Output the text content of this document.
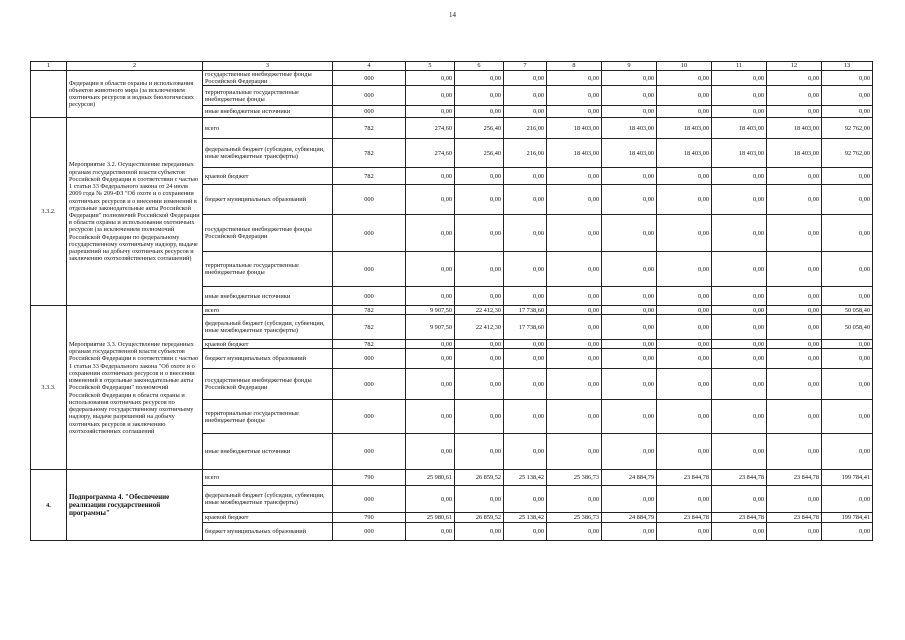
14
1	2	3	4	5	6	7	8	9	10	11	12	13
	Федерации в области охраны и использования объектов животного мира (за исключением охотничьих ресурсов и водных биологических ресурсов)	государственные внебюджетные фонды Российской Федерации	000	0,00	0,00	0,00	0,00	0,00	0,00	0,00	0,00	0,00
		территориальные государственные внебюджетные фонды	000	0,00	0,00	0,00	0,00	0,00	0,00	0,00	0,00	0,00
		иные внебюджетные источники	000	0,00	0,00	0,00	0,00	0,00	0,00	0,00	0,00	0,00
3.3.2.	Мероприятие 3.2. Осуществление переданных органам государственной власти субъектов Российской Федерации в соответствии с частью 1 статьи 33 Федерального закона от 24 июля 2009 года № 209-ФЗ "Об охоте и о сохранении охотничьих ресурсов и о внесении изменений в отдельные законодательные акты Российской Федерации" полномочий Российской Федерации в области охраны и использования охотничьих ресурсов (за исключением полномочий Российской Федерации по федеральному государственному охотничьему надзору, выдаче разрешений на добычу охотничьих ресурсов и заключению охотхозяйственных соглашений)	всего	782	274,60	256,40	216,00	18 403,00	18 403,00	18 403,00	18 403,00	18 403,00	92 762,00
		федеральный бюджет (субсидии, субвенции, иные межбюджетные трансферты)	782	274,60	256,40	216,00	18 403,00	18 403,00	18 403,00	18 403,00	18 403,00	92 762,00
		краевой бюджет	782	0,00	0,00	0,00	0,00	0,00	0,00	0,00	0,00	0,00
		бюджет муниципальных образований	000	0,00	0,00	0,00	0,00	0,00	0,00	0,00	0,00	0,00
		государственные внебюджетные фонды Российской Федерации	000	0,00	0,00	0,00	0,00	0,00	0,00	0,00	0,00	0,00
		территориальные государственные внебюджетные фонды	000	0,00	0,00	0,00	0,00	0,00	0,00	0,00	0,00	0,00
		иные внебюджетные источники	000	0,00	0,00	0,00	0,00	0,00	0,00	0,00	0,00	0,00
3.3.3.	Мероприятие 3.3. Осуществление переданных органам государственной власти субъектов Российской Федерации в соответствии с частью 1 статьи 33 Федерального закона "Об охоте и о сохранении охотничьих ресурсов и о внесении изменений в отдельные законодательные акты Российской Федерации" полномочий Российской Федерации в области охраны и использования охотничьих ресурсов по федеральному государственному охотничьему надзору, выдаче разрешений на добычу охотничьих ресурсов и заключению охотхозяйственных соглашений	всего	782	9 907,50	22 412,30	17 738,60	0,00	0,00	0,00	0,00	0,00	50 058,40
		федеральный бюджет (субсидии, субвенции, иные межбюджетные трансферты)	782	9 907,50	22 412,30	17 738,60	0,00	0,00	0,00	0,00	0,00	50 058,40
		краевой бюджет	782	0,00	0,00	0,00	0,00	0,00	0,00	0,00	0,00	0,00
		бюджет муниципальных образований	000	0,00	0,00	0,00	0,00	0,00	0,00	0,00	0,00	0,00
		государственные внебюджетные фонды Российской Федерации	000	0,00	0,00	0,00	0,00	0,00	0,00	0,00	0,00	0,00
		территориальные государственные внебюджетные фонды	000	0,00	0,00	0,00	0,00	0,00	0,00	0,00	0,00	0,00
		иные внебюджетные источники	000	0,00	0,00	0,00	0,00	0,00	0,00	0,00	0,00	0,00
4.	Подпрограмма 4. "Обеспечение реализации государственной программы"	всего	790	25 980,61	26 859,52	25 138,42	25 386,73	24 884,79	23 844,78	23 844,78	23 844,78	199 784,41
		федеральный бюджет (субсидии, субвенции, иные межбюджетные трансферты)	000	0,00	0,00	0,00	0,00	0,00	0,00	0,00	0,00	0,00
		краевой бюджет	790	25 980,61	26 859,52	25 138,42	25 386,73	24 884,79	23 844,78	23 844,78	23 844,78	199 784,41
		бюджет муниципальных образований	000	0,00	0,00	0,00	0,00	0,00	0,00	0,00	0,00	0,00
